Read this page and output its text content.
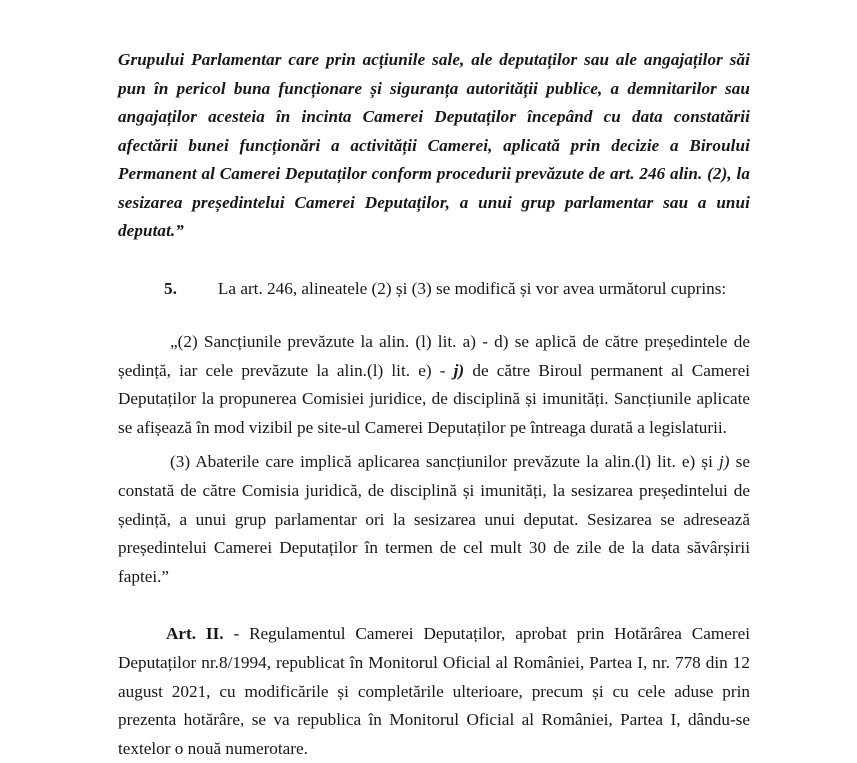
Grupului Parlamentar care prin acțiunile sale, ale deputaților sau ale angajaților săi pun în pericol buna funcționare și siguranța autorității publice, a demnitarilor sau angajaților acesteia în incinta Camerei Deputaților începând cu data constatării afectării bunei funcționări a activității Camerei, aplicată prin decizie a Biroului Permanent al Camerei Deputaților conform procedurii prevăzute de art. 246 alin. (2), la sesizarea președintelui Camerei Deputaților, a unui grup parlamentar sau a unui deputat.”

5. La art. 246, alineatele (2) și (3) se modifică și vor avea următorul cuprins:

„(2) Sancțiunile prevăzute la alin. (l) lit. a) - d) se aplică de către președintele de ședință, iar cele prevăzute la alin.(l) lit. e) - j) de către Biroul permanent al Camerei Deputaților la propunerea Comisiei juridice, de disciplină și imunități. Sancțiunile aplicate se afișează în mod vizibil pe site-ul Camerei Deputaților pe întreaga durată a legislaturii.

(3) Abaterile care implică aplicarea sancțiunilor prevăzute la alin.(l) lit. e) și j) se constată de către Comisia juridică, de disciplină și imunități, la sesizarea președintelui de ședință, a unui grup parlamentar ori la sesizarea unui deputat. Sesizarea se adresează președintelui Camerei Deputaților în termen de cel mult 30 de zile de la data săvârșirii faptei.”

Art. II. - Regulamentul Camerei Deputaților, aprobat prin Hotărârea Camerei Deputaților nr.8/1994, republicat în Monitorul Oficial al României, Partea I, nr. 778 din 12 august 2021, cu modificările și completările ulterioare, precum și cu cele aduse prin prezenta hotărâre, se va republica în Monitorul Oficial al României, Partea I, dându-se textelor o nouă numerotare.
